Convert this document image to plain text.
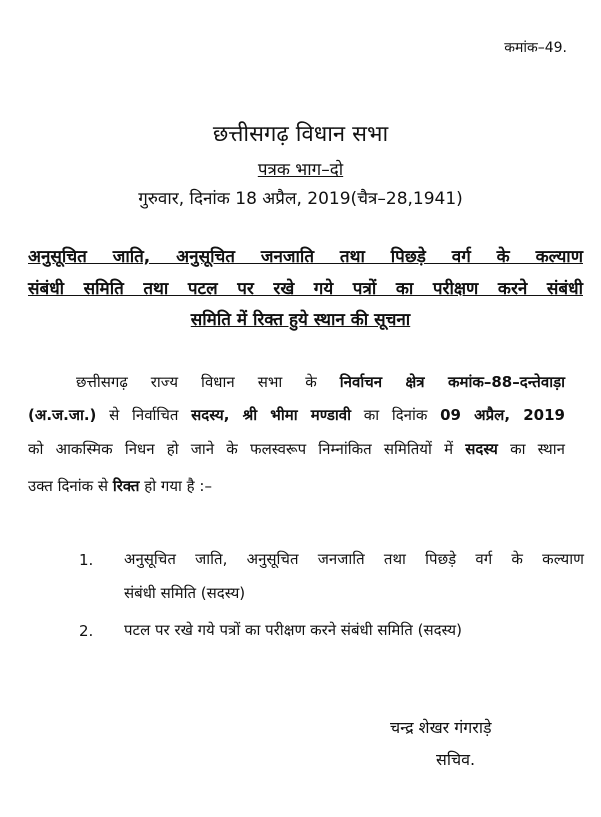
कमांक–49.
छत्तीसगढ़ विधान सभा
पत्रक भाग–दो
गुरुवार, दिनांक 18 अप्रैल, 2019(चैत्र–28,1941)
अनुसूचित जाति, अनुसूचित जनजाति तथा पिछड़े वर्ग के कल्याण
संबंधी समिति तथा पटल पर रखे गये पत्रों का परीक्षण करने संबंधी
समिति में रिक्त हुये स्थान की सूचना
छत्तीसगढ़ राज्य विधान सभा के निर्वाचन क्षेत्र कमांक–88–दन्तेवाड़ा
(अ.ज.जा.) से निर्वाचित सदस्य, श्री भीमा मण्डावी का दिनांक 09 अप्रैल, 2019
को आकस्मिक निधन हो जाने के फलस्वरूप निम्नांकित समितियों में सदस्य का स्थान
उक्त दिनांक से रिक्त हो गया है :–
1. अनुसूचित जाति, अनुसूचित जनजाति तथा पिछड़े वर्ग के कल्याण
संबंधी समिति (सदस्य)
2. पटल पर रखे गये पत्रों का परीक्षण करने संबंधी समिति (सदस्य)
चन्द्र शेखर गंगराड़े
सचिव.
